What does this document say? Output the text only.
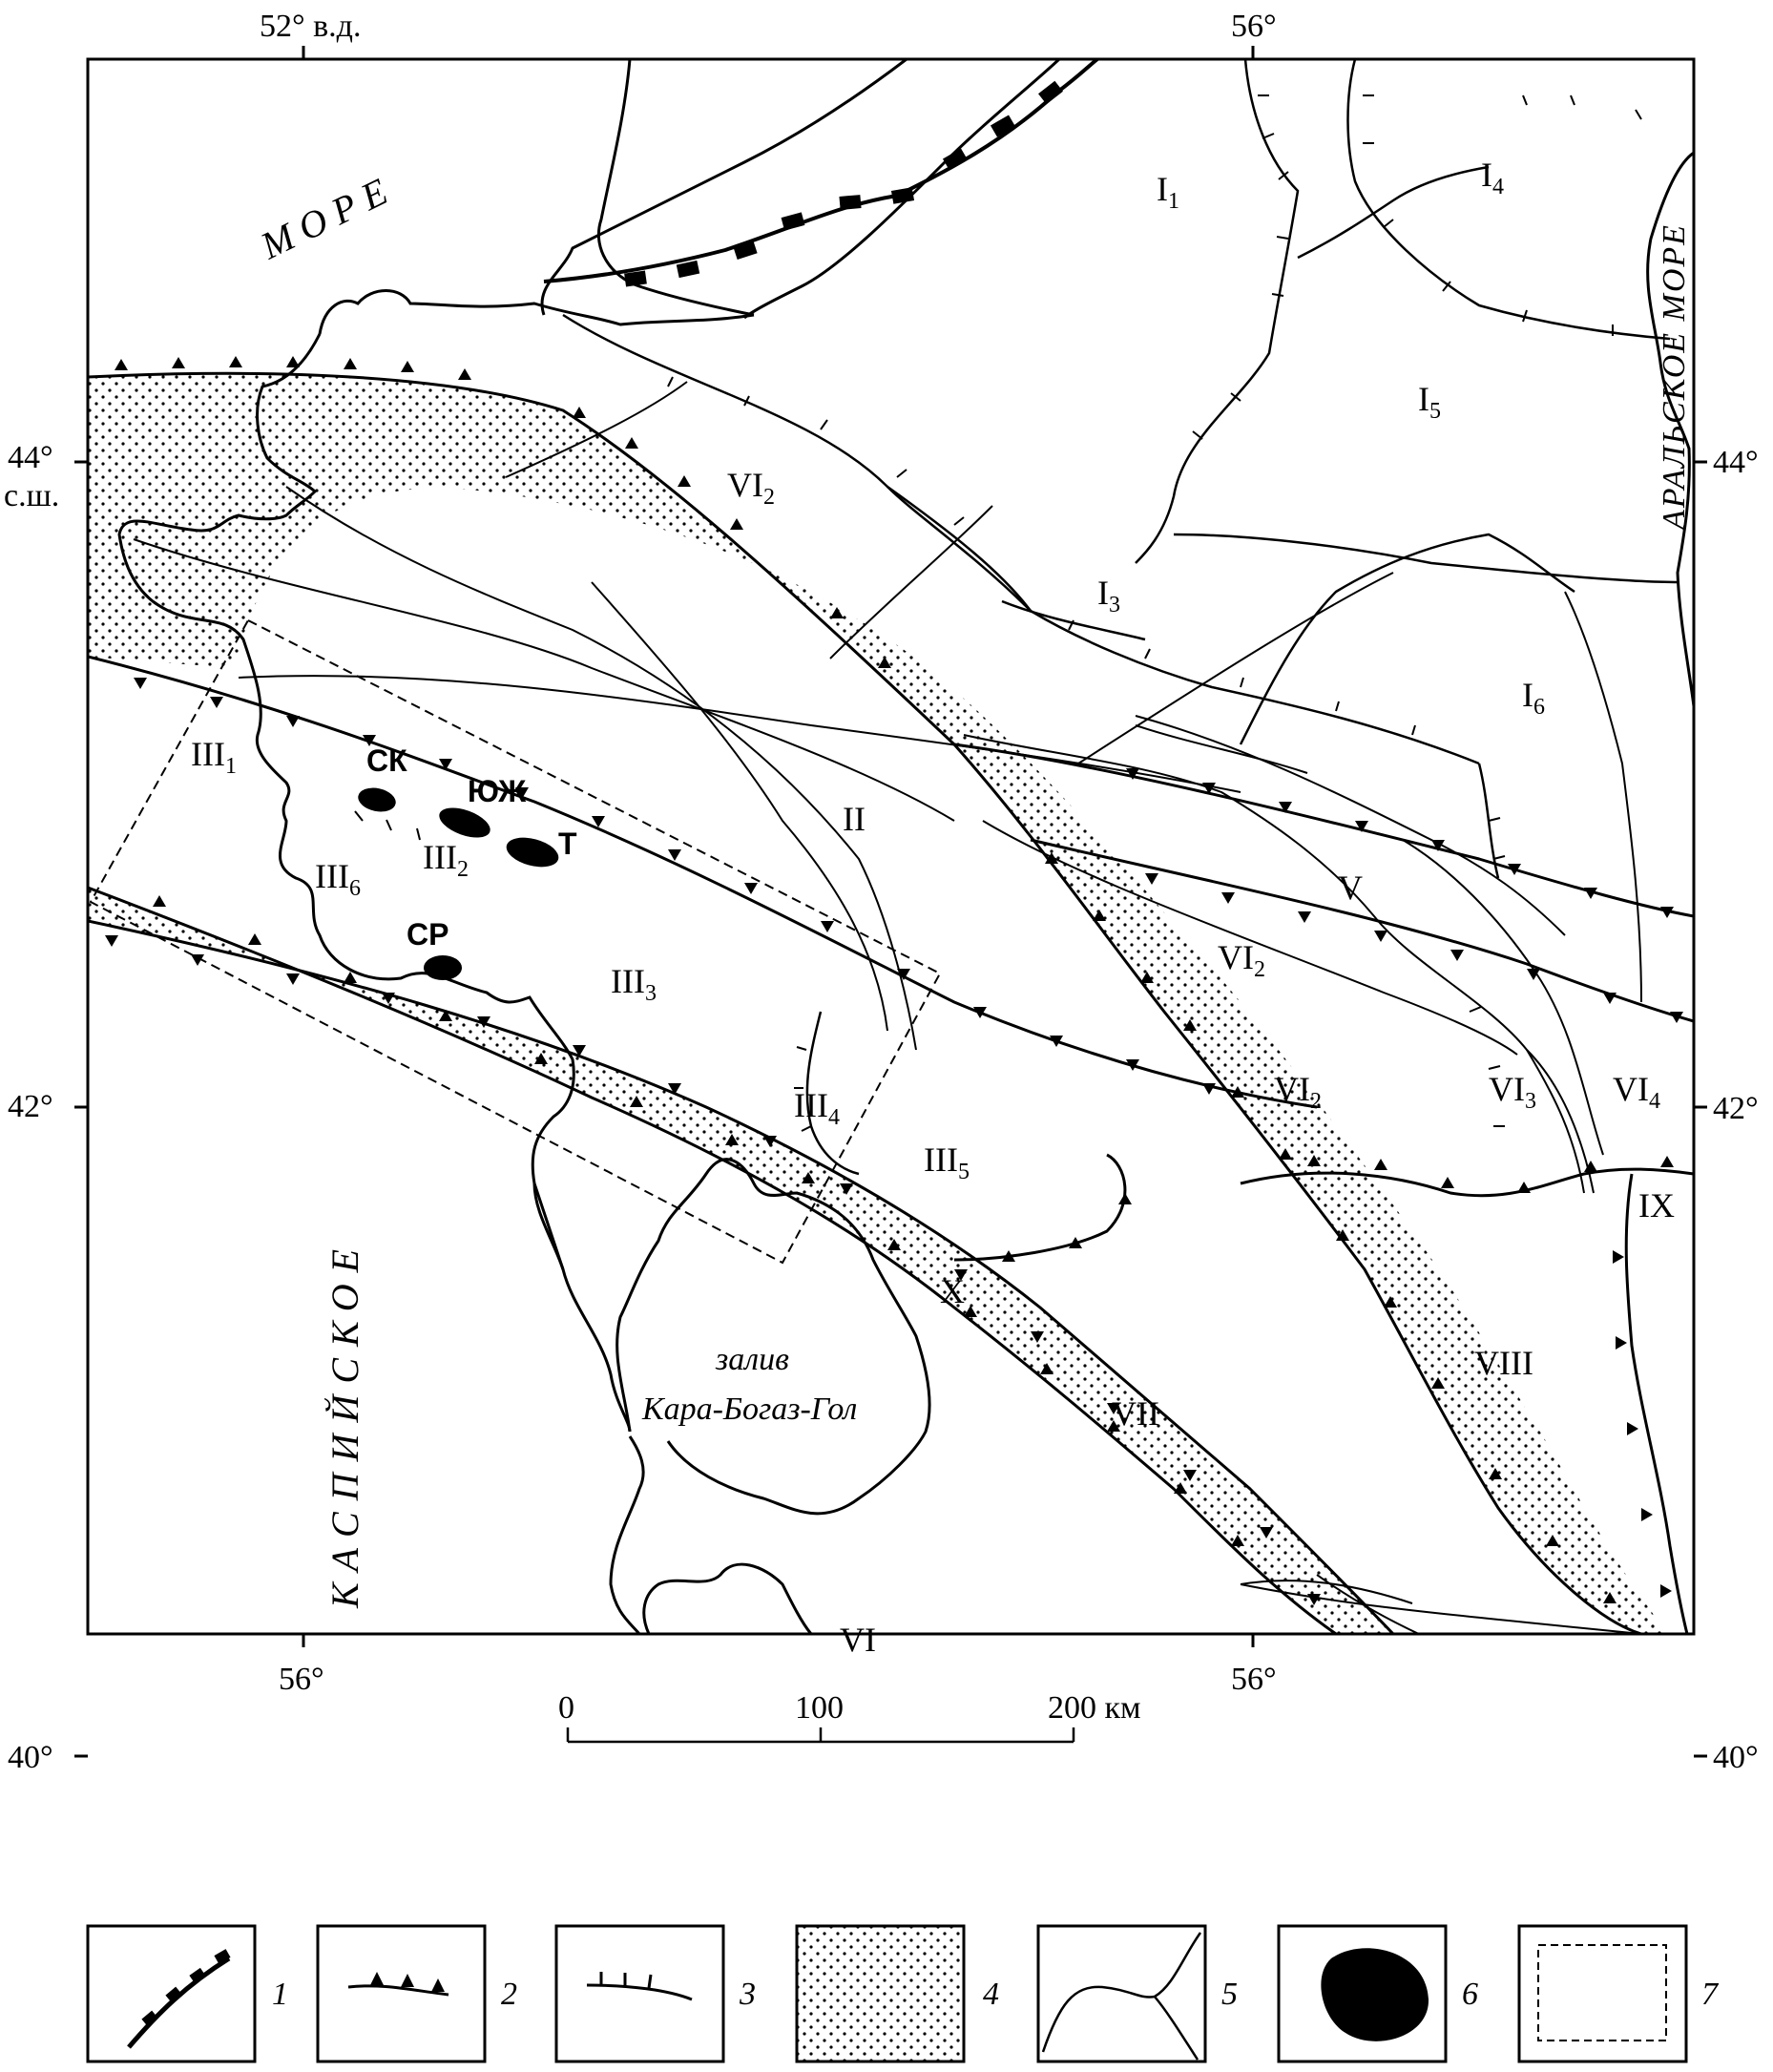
52° в.д.	56°
56°	56°
44°
с.ш.
42°
40°
44°
42°
40°
МОРЕ
АРАЛЬСКОЕ МОРЕ
КАСПИЙСКОЕ	залив
Кара-Богаз-Гол
$I_1$
$I_4$
$I_5$
$VI_2$
$I_3$
$I_6$
II
$III_1$
$III_6$
$III_2$
$III_3$
$III_4$
$III_5$
V
$VI_2$
$VI_2$	$VI_3$ $VI_4$
IX
X
VIII
VII
VI
СК
ЮЖ
Т
СР
0	100	200 км
1	2	3	4	5	6	7
